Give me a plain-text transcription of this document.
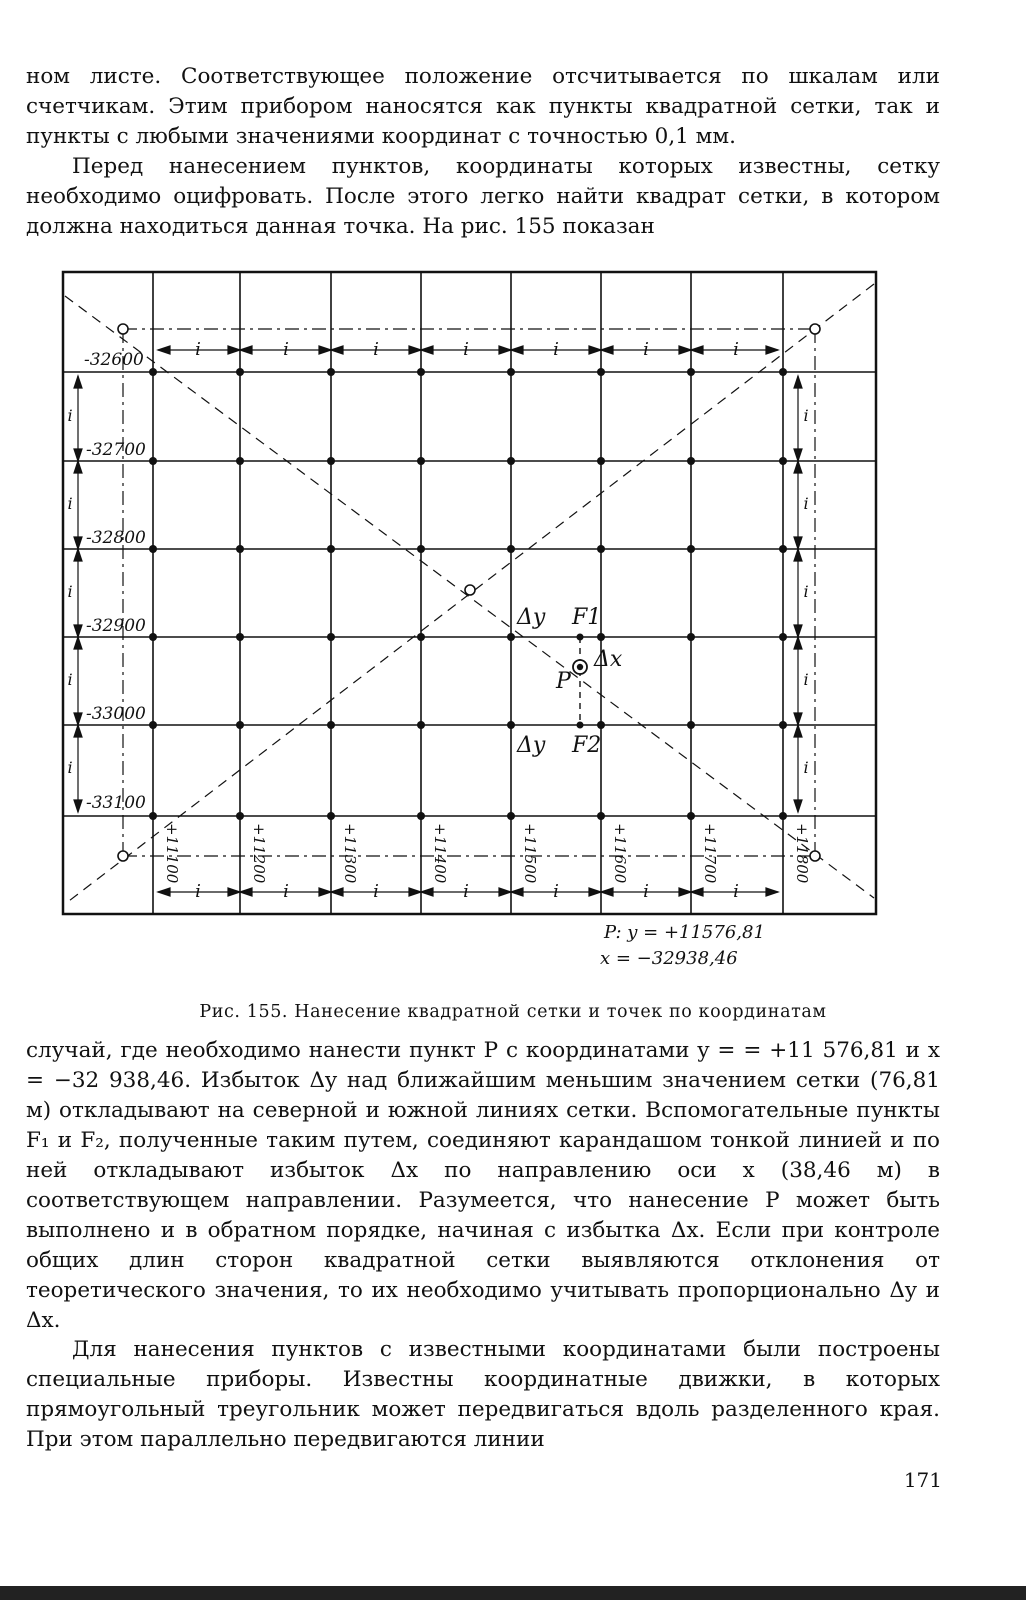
ном листе. Соответствующее положение отсчитывается по шкалам или счетчикам. Этим прибором наносятся как пункты квадратной сетки, так и пункты с любыми значениями координат с точностью 0,1 мм.

Перед нанесением пунктов, координаты которых известны, сетку необходимо оцифровать. После этого легко найти квадрат сетки, в котором должна находиться данная точка. На рис. 155 показан

-32600
-32700
-32800
-32900
-33000
-33100
+11100	+11200	+11300	+11400	+11500	+11600	+11700	+11800
i	i	i	i	i	i	i
i	i	i	i	i	i	i
i
i
i
i
i
i
i
i
i
i
Δy F1
Δx
P
Δy F2
P: y = +11576,81
x = −32938,46
Рис. 155. Нанесение квадратной сетки и точек по координатам

случай, где необходимо нанести пункт P с координатами y = = +11 576,81 и x = −32 938,46. Избыток Δy над ближайшим меньшим значением сетки (76,81 м) откладывают на северной и южной линиях сетки. Вспомогательные пункты F₁ и F₂, полученные таким путем, соединяют карандашом тонкой линией и по ней откладывают избыток Δx по направлению оси x (38,46 м) в соответствующем направлении. Разумеется, что нанесение P может быть выполнено и в обратном порядке, начиная с избытка Δx. Если при контроле общих длин сторон квадратной сетки выявляются отклонения от теоретического значения, то их необходимо учитывать пропорционально Δy и Δx.

Для нанесения пунктов с известными координатами были построены специальные приборы. Известны координатные движки, в которых прямоугольный треугольник может передвигаться вдоль разделенного края. При этом параллельно передвигаются линии

171
